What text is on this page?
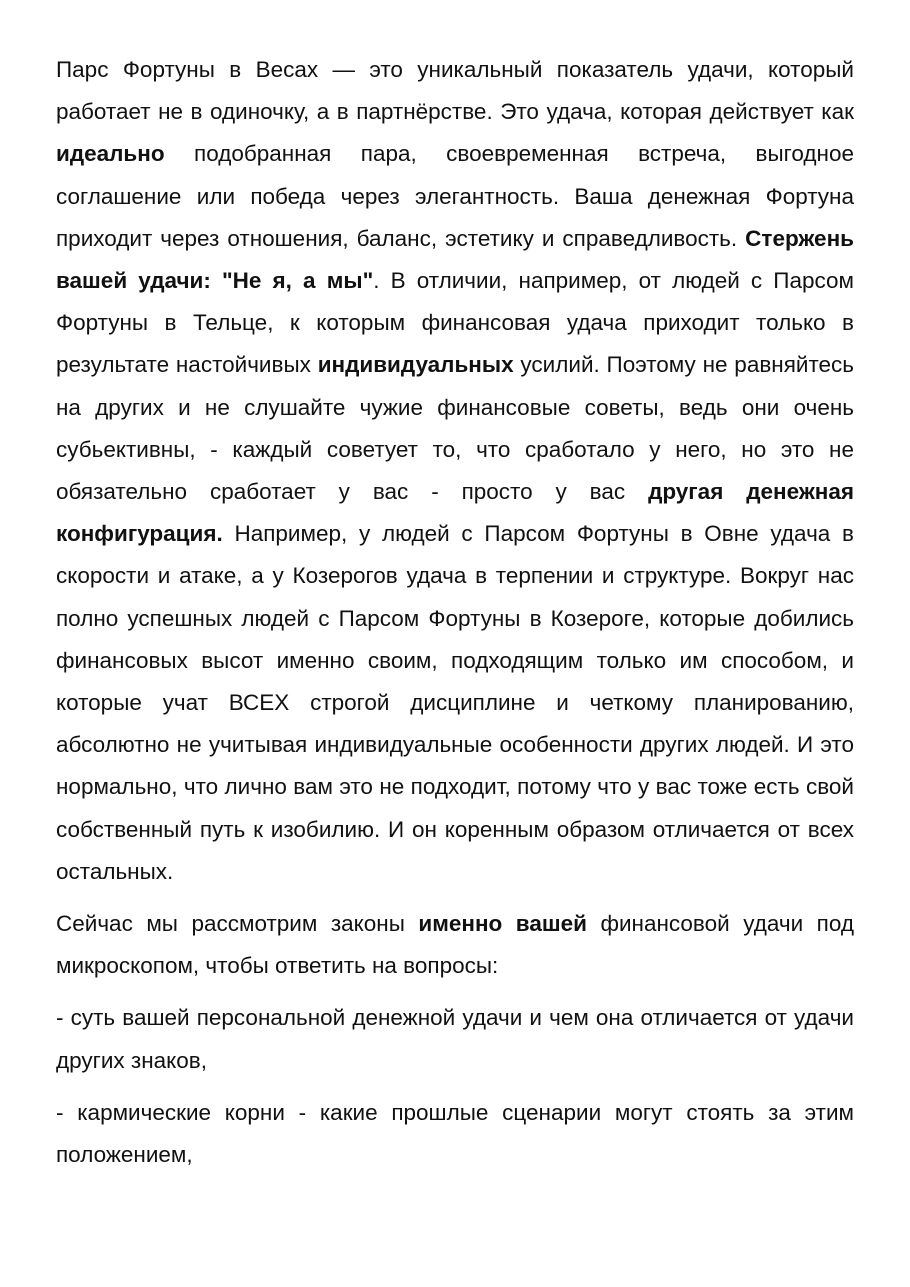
Парс Фортуны в Весах — это уникальный показатель удачи, который работает не в одиночку, а в партнёрстве. Это удача, которая действует как идеально подобранная пара, своевременная встреча, выгодное соглашение или победа через элегантность. Ваша денежная Фортуна приходит через отношения, баланс, эстетику и справедливость. Стержень вашей удачи: "Не я, а мы". В отличии, например, от людей с Парсом Фортуны в Тельце, к которым финансовая удача приходит только в результате настойчивых индивидуальных усилий. Поэтому не равняйтесь на других и не слушайте чужие финансовые советы, ведь они очень субьективны, - каждый советует то, что сработало у него, но это не обязательно сработает у вас - просто у вас другая денежная конфигурация. Например, у людей с Парсом Фортуны в Овне удача в скорости и атаке, а у Козерогов удача в терпении и структуре. Вокруг нас полно успешных людей с Парсом Фортуны в Козероге, которые добились финансовых высот именно своим, подходящим только им способом, и которые учат ВСЕХ строгой дисциплине и четкому планированию, абсолютно не учитывая индивидуальные особенности других людей. И это нормально, что лично вам это не подходит, потому что у вас тоже есть свой собственный путь к изобилию. И он коренным образом отличается от всех остальных.

Сейчас мы рассмотрим законы именно вашей финансовой удачи под микроскопом, чтобы ответить на вопросы:

- суть вашей персональной денежной удачи и чем она отличается от удачи других знаков,

- кармические корни - какие прошлые сценарии могут стоять за этим положением,
